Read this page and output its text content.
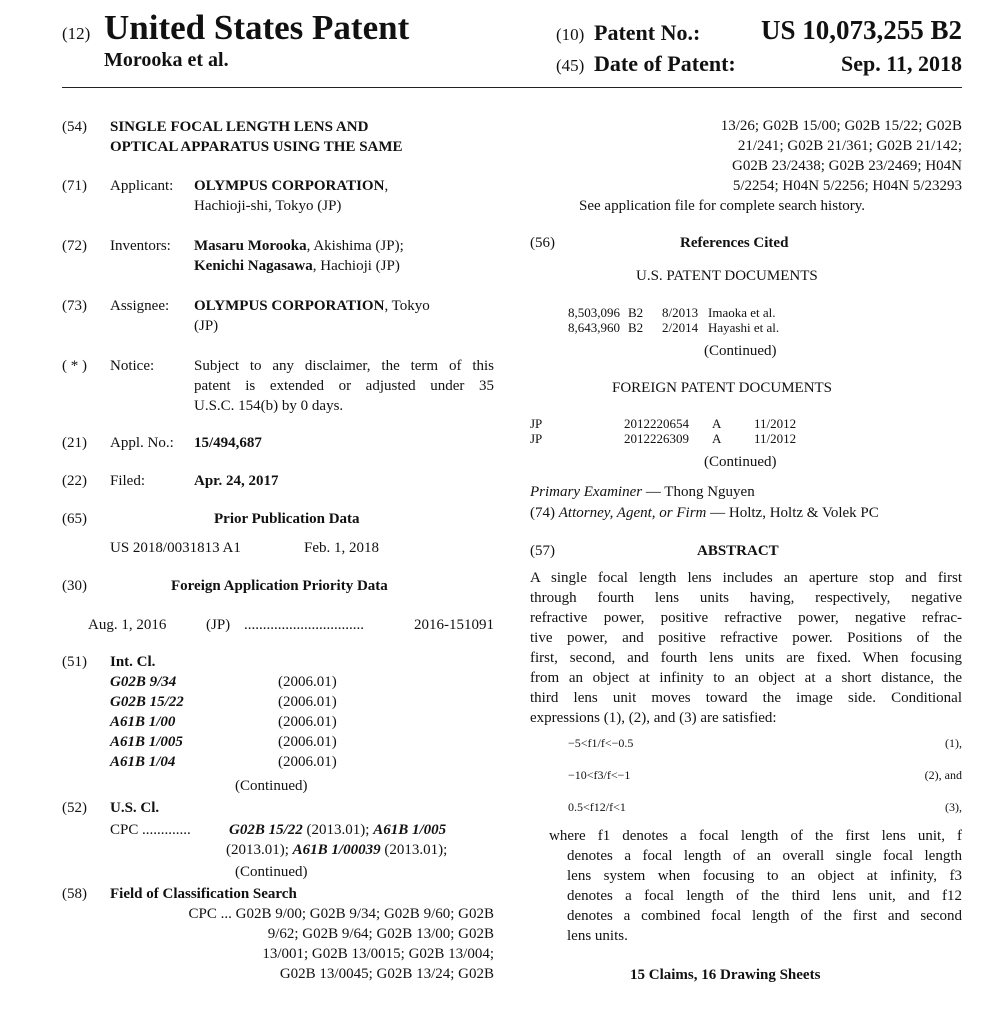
(12) United States Patent
Morooka et al.
(10) Patent No.:	US 10,073,255 B2
(45) Date of Patent:	Sep. 11, 2018
(54) SINGLE FOCAL LENGTH LENS AND
OPTICAL APPARATUS USING THE SAME
(71) Applicant: OLYMPUS CORPORATION,
Hachioji-shi, Tokyo (JP)
(72) Inventors: Masaru Morooka, Akishima (JP);
Kenichi Nagasawa, Hachioji (JP)
(73) Assignee: OLYMPUS CORPORATION, Tokyo
(JP)
( * ) Notice:	Subject to any disclaimer, the term of this
patent is extended or adjusted under 35
U.S.C. 154(b) by 0 days.
(21) Appl. No.: 15/494,687
(22) Filed:	Apr. 24, 2017
(65)	Prior Publication Data
US 2018/0031813 A1	Feb. 1, 2018
(30)	Foreign Application Priority Data
Aug. 1, 2016	(JP) ................................	2016-151091
(51) Int. Cl.
G02B 9/34	(2006.01)
G02B 15/22	(2006.01)
A61B 1/00	(2006.01)
A61B 1/005	(2006.01)
A61B 1/04	(2006.01)
(Continued)
(52) U.S. Cl.
CPC .............	G02B 15/22 (2013.01); A61B 1/005
(2013.01); A61B 1/00039 (2013.01);
(Continued)
(58) Field of Classification Search
CPC ... G02B 9/00; G02B 9/34; G02B 9/60; G02B
9/62; G02B 9/64; G02B 13/00; G02B
13/001; G02B 13/0015; G02B 13/004;
G02B 13/0045; G02B 13/24; G02B
13/26; G02B 15/00; G02B 15/22; G02B
21/241; G02B 21/361; G02B 21/142;
G02B 23/2438; G02B 23/2469; H04N
5/2254; H04N 5/2256; H04N 5/23293
See application file for complete search history.
(56)	References Cited
U.S. PATENT DOCUMENTS
8,503,096 B2 8/2013 Imaoka et al.
8,643,960 B2 2/2014 Hayashi et al.
(Continued)
FOREIGN PATENT DOCUMENTS
JP	2012220654 A	11/2012
JP	2012226309 A	11/2012
(Continued)
Primary Examiner — Thong Nguyen
(74) Attorney, Agent, or Firm — Holtz, Holtz & Volek PC
(57)	ABSTRACT
A single focal length lens includes an aperture stop and first
through fourth lens units having, respectively, negative
refractive power, positive refractive power, negative refrac-
tive power, and positive refractive power. Positions of the
first, second, and fourth lens units are fixed. When focusing
from an object at infinity to an object at a short distance, the
third lens unit moves toward the image side. Conditional
expressions (1), (2), and (3) are satisfied:
−5<f1/f<−0.5	(1),
−10<f3/f<−1	(2), and
0.5<f12/f<1	(3),
where f1 denotes a focal length of the first lens unit, f
denotes a focal length of an overall single focal length
lens system when focusing to an object at infinity, f3
denotes a focal length of the third lens unit, and f12
denotes a combined focal length of the first and second
lens units.
15 Claims, 16 Drawing Sheets
